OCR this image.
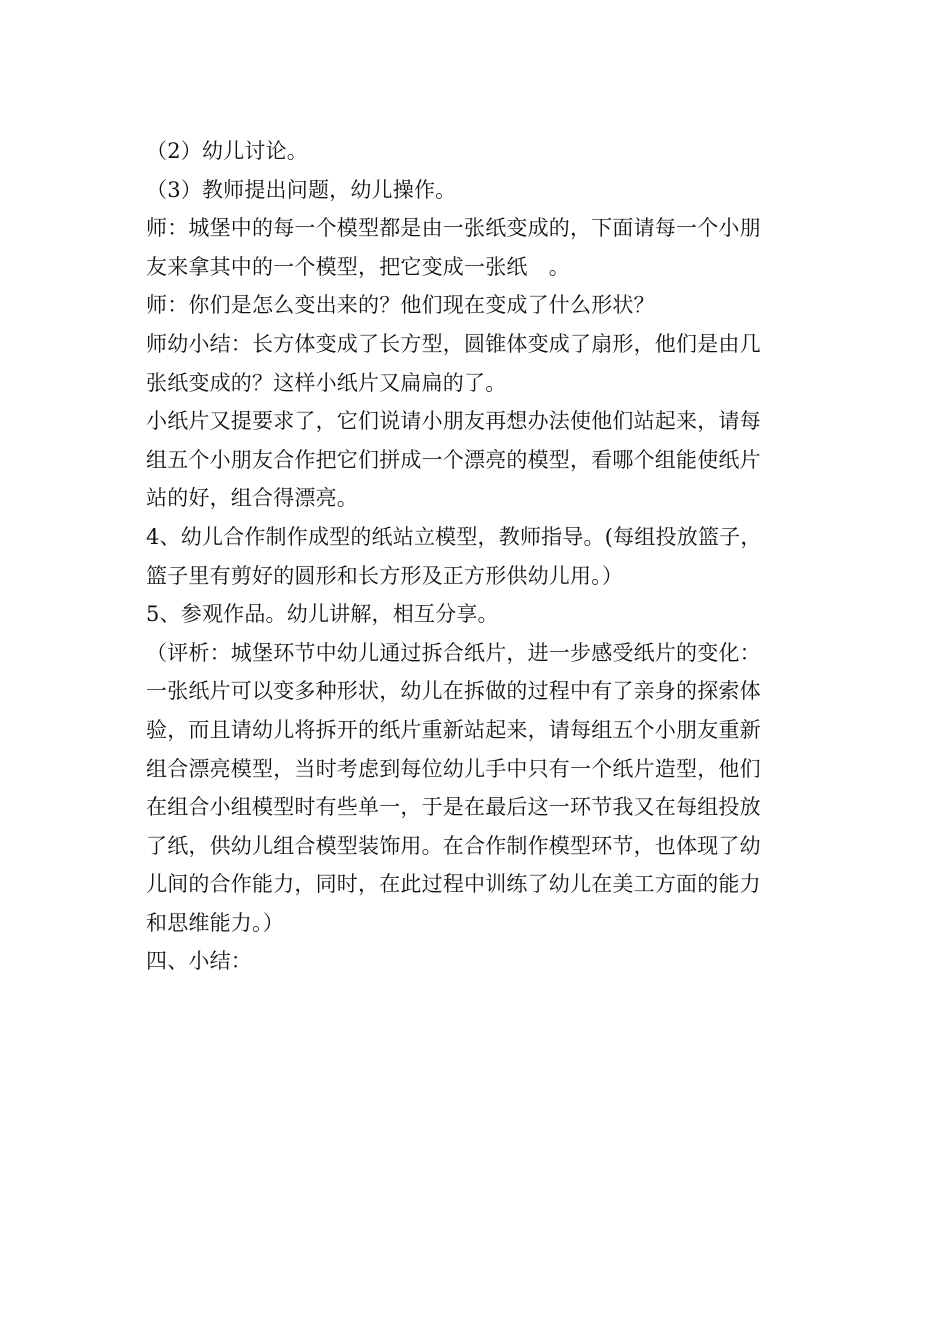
（2）幼儿讨论。
（3）教师提出问题，幼儿操作。
师：城堡中的每一个模型都是由一张纸变成的，下面请每一个小朋
友来拿其中的一个模型，把它变成一张纸　。
师：你们是怎么变出来的？他们现在变成了什么形状？
师幼小结：长方体变成了长方型，圆锥体变成了扇形，他们是由几
张纸变成的？这样小纸片又扁扁的了。
小纸片又提要求了，它们说请小朋友再想办法使他们站起来，请每
组五个小朋友合作把它们拼成一个漂亮的模型，看哪个组能使纸片
站的好，组合得漂亮。
4、幼儿合作制作成型的纸站立模型，教师指导。(每组投放篮子，
篮子里有剪好的圆形和长方形及正方形供幼儿用。）
5、参观作品。幼儿讲解，相互分享。
（评析：城堡环节中幼儿通过拆合纸片，进一步感受纸片的变化：
一张纸片可以变多种形状，幼儿在拆做的过程中有了亲身的探索体
验，而且请幼儿将拆开的纸片重新站起来，请每组五个小朋友重新
组合漂亮模型，当时考虑到每位幼儿手中只有一个纸片造型，他们
在组合小组模型时有些单一，于是在最后这一环节我又在每组投放
了纸，供幼儿组合模型装饰用。在合作制作模型环节，也体现了幼
儿间的合作能力，同时，在此过程中训练了幼儿在美工方面的能力
和思维能力。）
四、小结：
